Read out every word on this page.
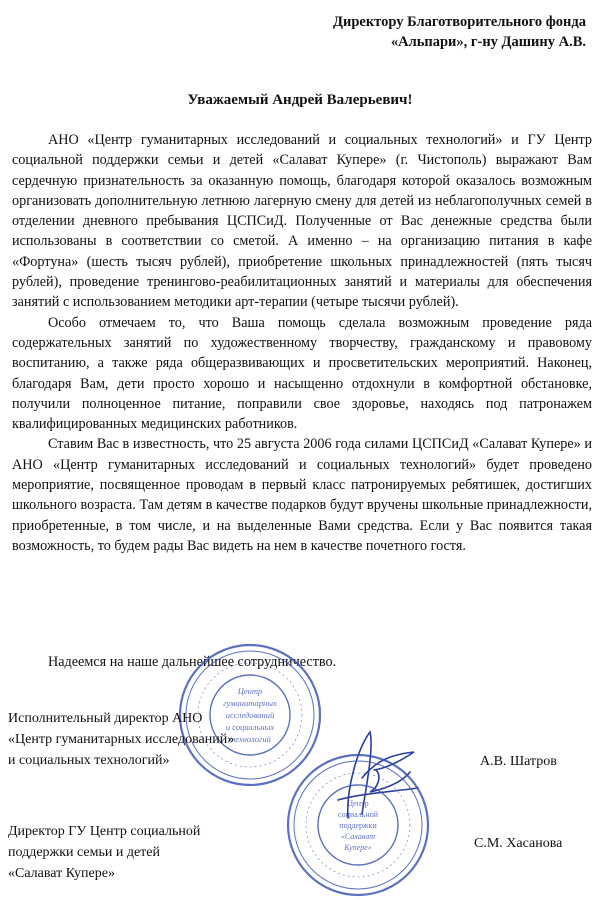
Директору Благотворительного фонда
«Альпари», г-ну Дашину А.В.
Уважаемый Андрей Валерьевич!

АНО «Центр гуманитарных исследований и социальных технологий» и ГУ Центр социальной поддержки семьи и детей «Салават Купере» (г. Чистополь) выражают Вам сердечную признательность за оказанную помощь, благодаря которой оказалось возможным организовать дополнительную летнюю лагерную смену для детей из неблагополучных семей в отделении дневного пребывания ЦСПСиД. Полученные от Вас денежные средства были использованы в соответствии со сметой. А именно – на организацию питания в кафе «Фортуна» (шесть тысяч рублей), приобретение школьных принадлежностей (пять тысяч рублей), проведение тренингово-реабилитационных занятий и материалы для обеспечения занятий с использованием методики арт-терапии (четыре тысячи рублей).

Особо отмечаем то, что Ваша помощь сделала возможным проведение ряда содержательных занятий по художественному творчеству, гражданскому и правовому воспитанию, а также ряда общеразвивающих и просветительских мероприятий. Наконец, благодаря Вам, дети просто хорошо и насыщенно отдохнули в комфортной обстановке, получили полноценное питание, поправили свое здоровье, находясь под патронажем квалифицированных медицинских работников.

Ставим Вас в известность, что 25 августа 2006 года силами ЦСПСиД «Салават Купере» и АНО «Центр гуманитарных исследований и социальных технологий» будет проведено мероприятие, посвященное проводам в первый класс патронируемых ребятишек, достигших школьного возраста. Там детям в качестве подарков будут вручены школьные принадлежности, приобретенные, в том числе, и на выделенные Вами средства. Если у Вас появится такая возможность, то будем рады Вас видеть на нем в качестве почетного гостя.

Надеемся на наше дальнейшее сотрудничество.
Центр
гуманитарных
исследований
и социальных
технологий
Центр
социальной
поддержки
«Салават
Купере»
Исполнительный директор АНО
«Центр гуманитарных исследований»
и социальных технологий»	А.В. Шатров
Директор ГУ Центр социальной
поддержки семьи и детей
«Салават Купере»
С.М. Хасанова
